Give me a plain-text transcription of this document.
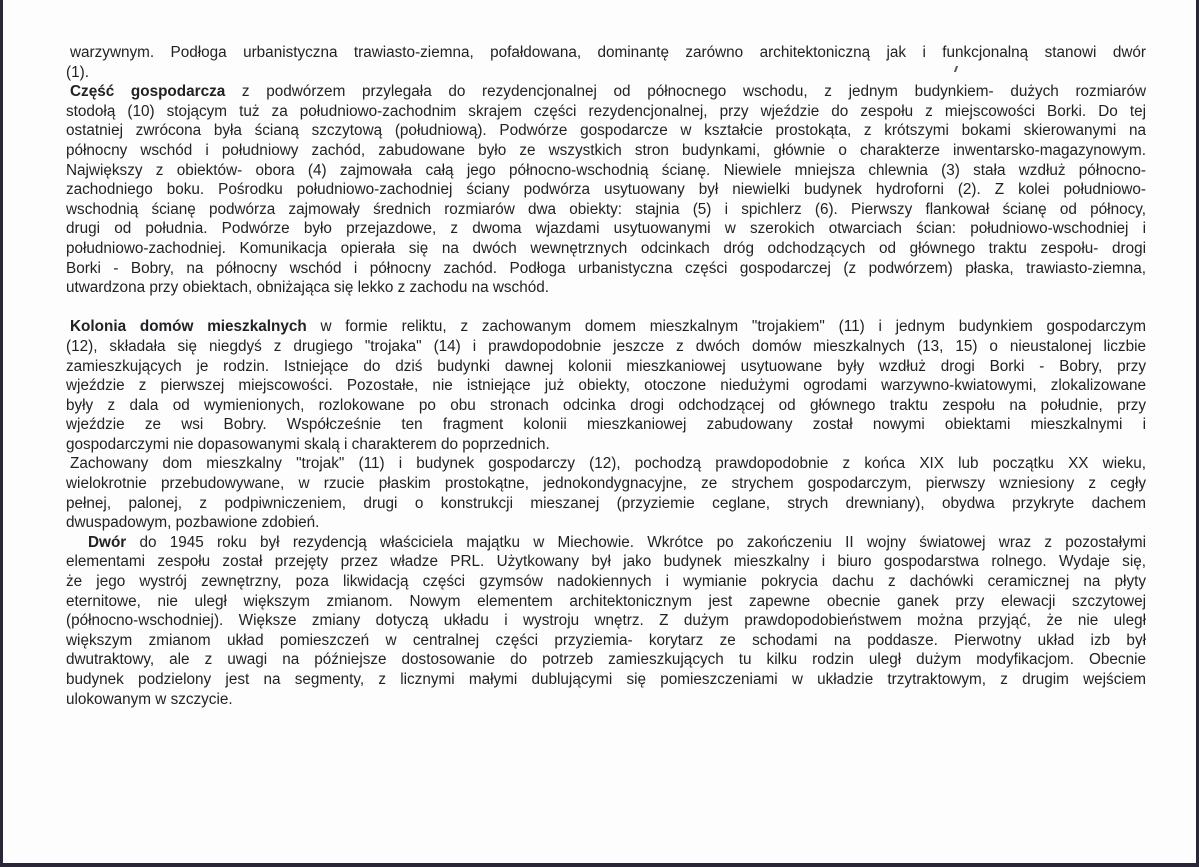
warzywnym. Podłoga urbanistyczna trawiasto-ziemna, pofałdowana, dominantę zarówno architektoniczną jak i funkcjonalną stanowi dwór
(1).
Część gospodarcza z podwórzem przylegała do rezydencjonalnej od północnego wschodu, z jednym budynkiem- dużych rozmiarów
stodołą (10) stojącym tuż za południowo-zachodnim skrajem części rezydencjonalnej, przy wjeździe do zespołu z miejscowości Borki. Do tej
ostatniej zwrócona była ścianą szczytową (południową). Podwórze gospodarcze w kształcie prostokąta, z krótszymi bokami skierowanymi na
północny wschód i południowy zachód, zabudowane było ze wszystkich stron budynkami, głównie o charakterze inwentarsko-magazynowym.
Największy z obiektów- obora (4) zajmowała całą jego północno-wschodnią ścianę. Niewiele mniejsza chlewnia (3) stała wzdłuż północno-
zachodniego boku. Pośrodku południowo-zachodniej ściany podwórza usytuowany był niewielki budynek hydroforni (2). Z kolei południowo-
wschodnią ścianę podwórza zajmowały średnich rozmiarów dwa obiekty: stajnia (5) i spichlerz (6). Pierwszy flankował ścianę od północy,
drugi od południa. Podwórze było przejazdowe, z dwoma wjazdami usytuowanymi w szerokich otwarciach ścian: południowo-wschodniej i
południowo-zachodniej. Komunikacja opierała się na dwóch wewnętrznych odcinkach dróg odchodzących od głównego traktu zespołu- drogi
Borki - Bobry, na północny wschód i północny zachód. Podłoga urbanistyczna części gospodarczej (z podwórzem) płaska, trawiasto-ziemna,
utwardzona przy obiektach, obniżająca się lekko z zachodu na wschód.
Kolonia domów mieszkalnych w formie reliktu, z zachowanym domem mieszkalnym "trojakiem" (11) i jednym budynkiem gospodarczym
(12), składała się niegdyś z drugiego "trojaka" (14) i prawdopodobnie jeszcze z dwóch domów mieszkalnych (13, 15) o nieustalonej liczbie
zamieszkujących je rodzin. Istniejące do dziś budynki dawnej kolonii mieszkaniowej usytuowane były wzdłuż drogi Borki - Bobry, przy
wjeździe z pierwszej miejscowości. Pozostałe, nie istniejące już obiekty, otoczone niedużymi ogrodami warzywno-kwiatowymi, zlokalizowane
były z dala od wymienionych, rozlokowane po obu stronach odcinka drogi odchodzącej od głównego traktu zespołu na południe, przy
wjeździe ze wsi Bobry. Współcześnie ten fragment kolonii mieszkaniowej zabudowany został nowymi obiektami mieszkalnymi i
gospodarczymi nie dopasowanymi skalą i charakterem do poprzednich.
Zachowany dom mieszkalny "trojak" (11) i budynek gospodarczy (12), pochodzą prawdopodobnie z końca XIX lub początku XX wieku,
wielokrotnie przebudowywane, w rzucie płaskim prostokątne, jednokondygnacyjne, ze strychem gospodarczym, pierwszy wzniesiony z cegły
pełnej, palonej, z podpiwniczeniem, drugi o konstrukcji mieszanej (przyziemie ceglane, strych drewniany), obydwa przykryte dachem
dwuspadowym, pozbawione zdobień.
Dwór do 1945 roku był rezydencją właściciela majątku w Miechowie. Wkrótce po zakończeniu II wojny światowej wraz z pozostałymi
elementami zespołu został przejęty przez władze PRL. Użytkowany był jako budynek mieszkalny i biuro gospodarstwa rolnego. Wydaje się,
że jego wystrój zewnętrzny, poza likwidacją części gzymsów nadokiennych i wymianie pokrycia dachu z dachówki ceramicznej na płyty
eternitowe, nie uległ większym zmianom. Nowym elementem architektonicznym jest zapewne obecnie ganek przy elewacji szczytowej
(północno-wschodniej). Większe zmiany dotyczą układu i wystroju wnętrz. Z dużym prawdopodobieństwem można przyjąć, że nie uległ
większym zmianom układ pomieszczeń w centralnej części przyziemia- korytarz ze schodami na poddasze. Pierwotny układ izb był
dwutraktowy, ale z uwagi na późniejsze dostosowanie do potrzeb zamieszkujących tu kilku rodzin uległ dużym modyfikacjom. Obecnie
budynek podzielony jest na segmenty, z licznymi małymi dublującymi się pomieszczeniami w układzie trzytraktowym, z drugim wejściem
ulokowanym w szczycie.
